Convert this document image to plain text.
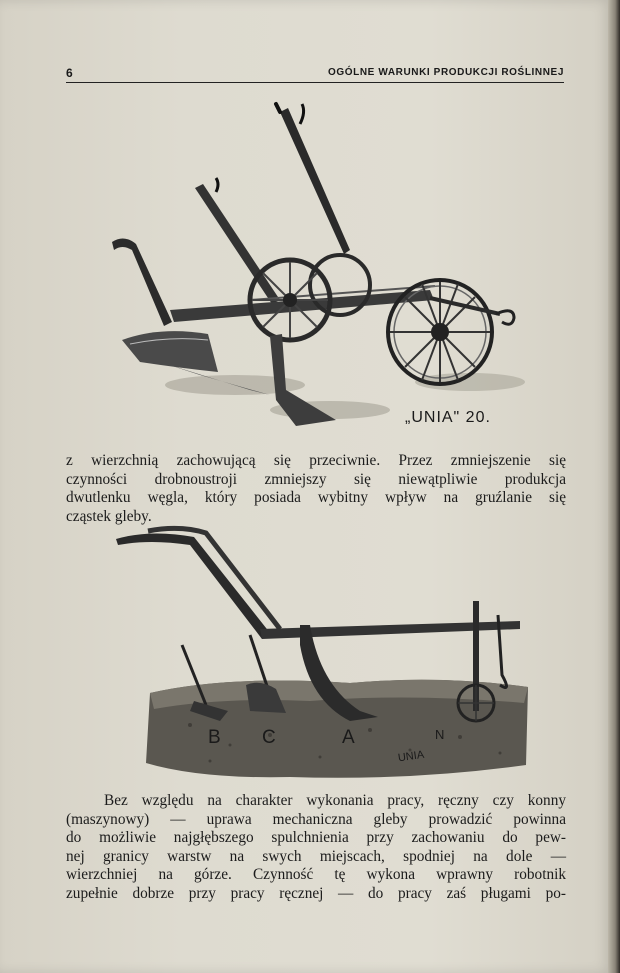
6	OGÓLNE WARUNKI PRODUKCJI ROŚLINNEJ
„UNIA" 20.
z wierzchnią zachowującą się przeciwnie. Przez zmniejszenie się
czynności drobnoustroji zmniejszy się niewątpliwie produkcja
dwutlenku węgla, który posiada wybitny wpływ na gruźlanie się
cząstek gleby.
B C	A	N
UNIA
Bez względu na charakter wykonania pracy, ręczny czy konny
(maszynowy) — uprawa mechaniczna gleby prowadzić powinna
do możliwie najgłębszego spulchnienia przy zachowaniu do pew-
nej granicy warstw na swych miejscach, spodniej na dole —
wierzchniej na górze. Czynność tę wykona wprawny robotnik
zupełnie dobrze przy pracy ręcznej — do pracy zaś pługami po-
